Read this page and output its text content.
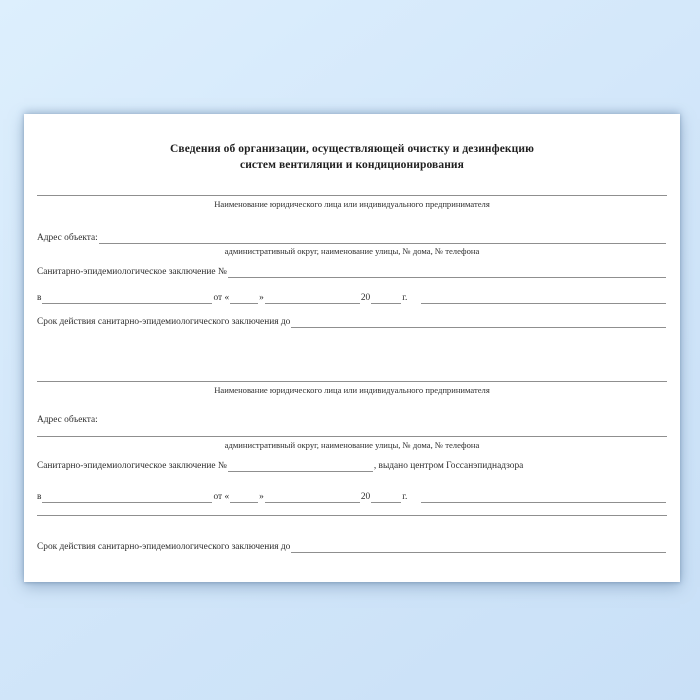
Сведения об организации, осуществляющей очистку и дезинфекцию
систем вентиляции и кондиционирования
Наименование юридического лица или индивидуального предпринимателя
Адрес объекта:
административный округ, наименование улицы, № дома, № телефона
Санитарно-эпидемиологическое заключение №
в	от «	»	20	г.
Срок действия санитарно-эпидемиологического заключения до
Наименование юридического лица или индивидуального предпринимателя
Адрес объекта:
административный округ, наименование улицы, № дома, № телефона
Санитарно-эпидемиологическое заключение №	, выдано центром Госсанэпиднадзора
в	от «	»	20	г.
Срок действия санитарно-эпидемиологического заключения до
